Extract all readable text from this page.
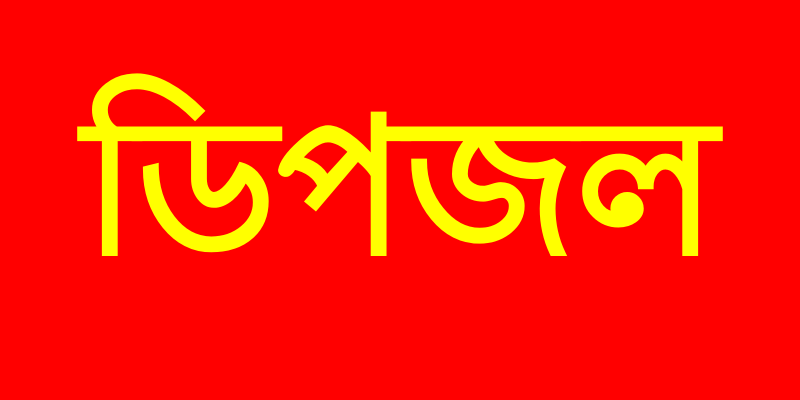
ডিপজল
